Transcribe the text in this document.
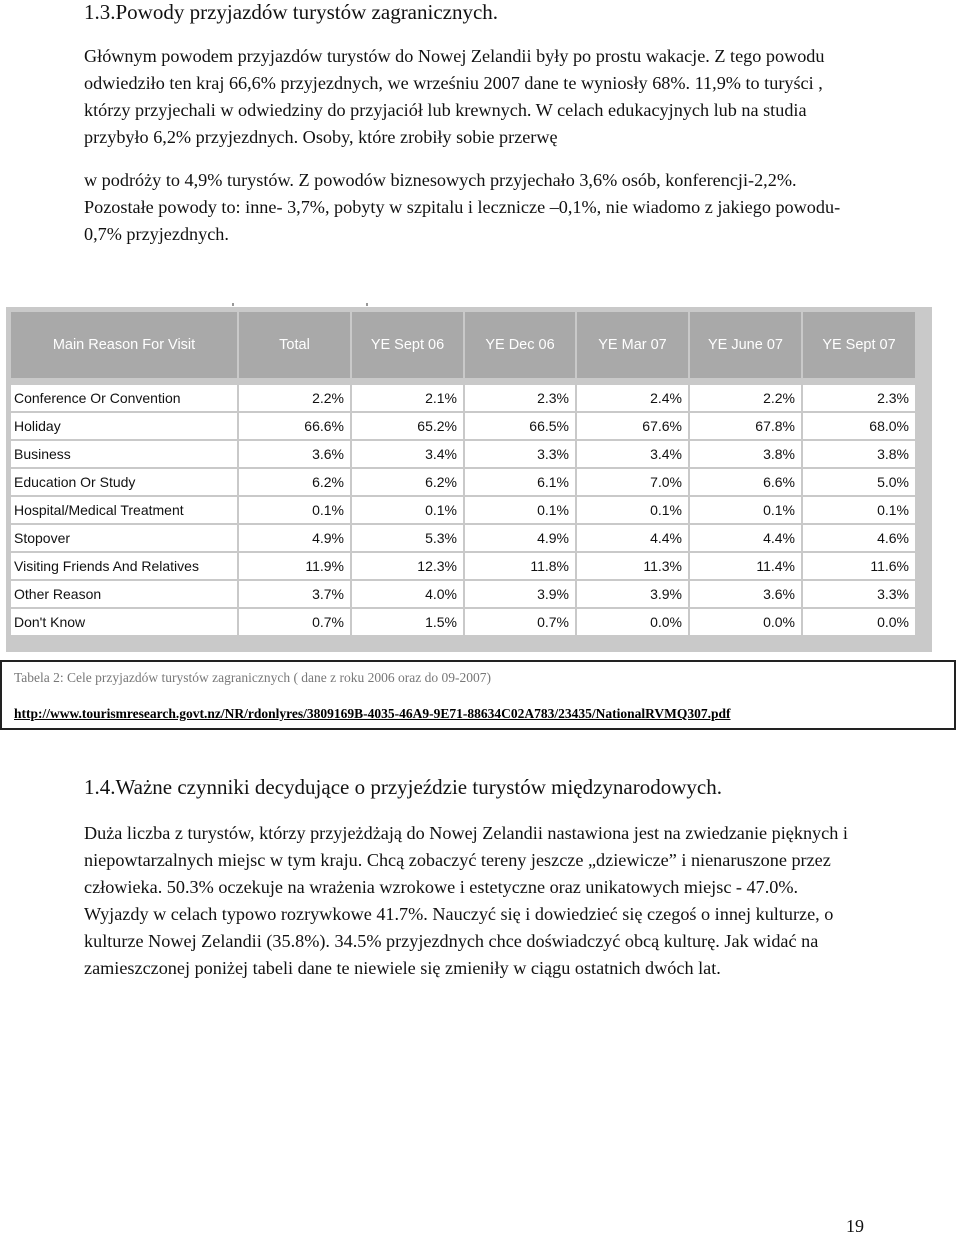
1.3.Powody przyjazdów turystów zagranicznych.
Głównym powodem przyjazdów turystów do Nowej Zelandii były po prostu wakacje. Z tego powodu odwiedziło ten kraj 66,6% przyjezdnych, we wrześniu 2007 dane te wyniosły 68%. 11,9% to turyści , którzy przyjechali w odwiedziny do przyjaciół lub krewnych. W celach edukacyjnych lub na studia przybyło 6,2% przyjezdnych. Osoby, które zrobiły sobie przerwę
w podróży to 4,9% turystów. Z powodów biznesowych przyjechało 3,6% osób, konferencji-2,2%. Pozostałe powody to: inne- 3,7%, pobyty w szpitalu i lecznicze –0,1%, nie wiadomo z jakiego powodu- 0,7% przyjezdnych.
Main Reason For Visit	Total	YE Sept 06	YE Dec 06	YE Mar 07	YE June 07	YE Sept 07

Conference Or Convention	2.2%	2.1%	2.3%	2.4%	2.2%	2.3%
Holiday	66.6%	65.2%	66.5%	67.6%	67.8%	68.0%
Business	3.6%	3.4%	3.3%	3.4%	3.8%	3.8%
Education Or Study	6.2%	6.2%	6.1%	7.0%	6.6%	5.0%
Hospital/Medical Treatment	0.1%	0.1%	0.1%	0.1%	0.1%	0.1%
Stopover	4.9%	5.3%	4.9%	4.4%	4.4%	4.6%
Visiting Friends And Relatives	11.9%	12.3%	11.8%	11.3%	11.4%	11.6%
Other Reason	3.7%	4.0%	3.9%	3.9%	3.6%	3.3%
Don't Know	0.7%	1.5%	0.7%	0.0%	0.0%	0.0%
Tabela 2: Cele przyjazdów turystów zagranicznych ( dane z roku 2006 oraz do 09-2007)
http://www.tourismresearch.govt.nz/NR/rdonlyres/3809169B-4035-46A9-9E71-88634C02A783/23435/NationalRVMQ307.pdf
1.4.Ważne czynniki decydujące o przyjeździe turystów międzynarodowych.
Duża liczba z turystów, którzy przyjeżdżają do Nowej Zelandii nastawiona jest na zwiedzanie pięknych i niepowtarzalnych miejsc w tym kraju. Chcą zobaczyć tereny jeszcze „dziewicze” i nienaruszone przez człowieka. 50.3% oczekuje na wrażenia wzrokowe i estetyczne oraz unikatowych miejsc - 47.0%. Wyjazdy w celach typowo rozrywkowe 41.7%. Nauczyć się i dowiedzieć się czegoś o innej kulturze, o kulturze Nowej Zelandii (35.8%). 34.5% przyjezdnych chce doświadczyć obcą kulturę. Jak widać na zamieszczonej poniżej tabeli dane te niewiele się zmieniły w ciągu ostatnich dwóch lat.
19
